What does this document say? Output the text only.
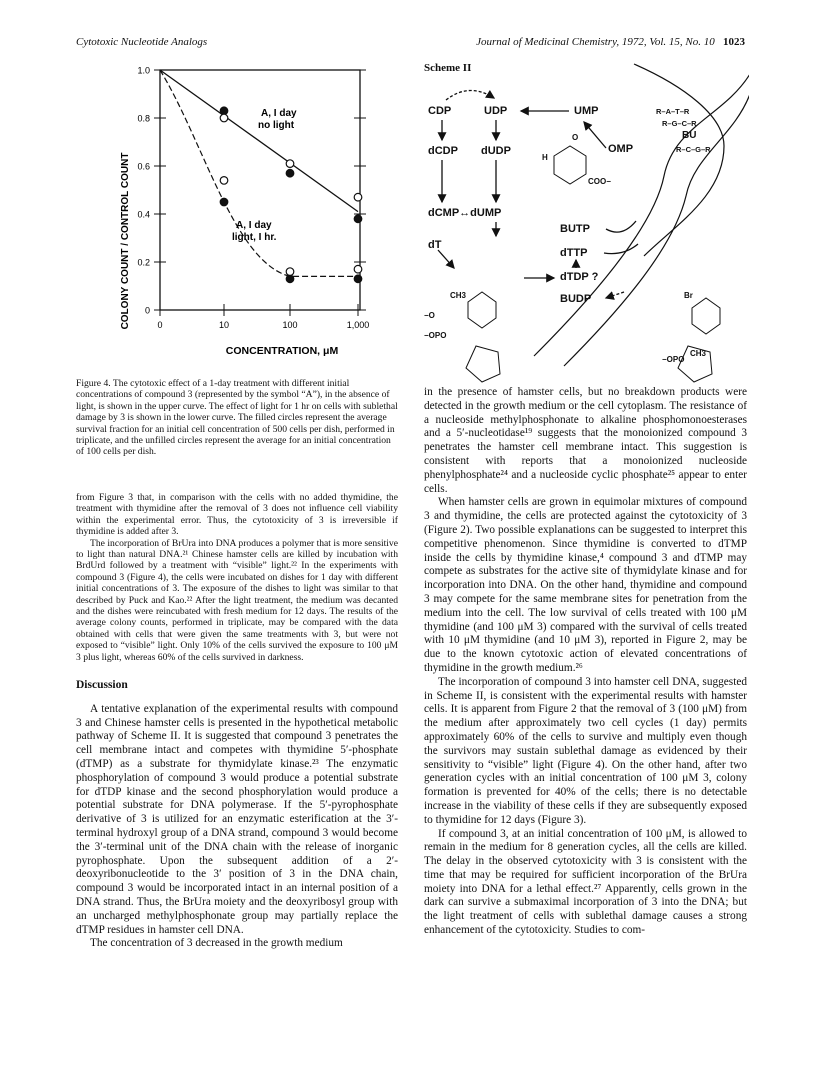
Cytotoxic Nucleotide Analogs	Journal of Medicinal Chemistry, 1972, Vol. 15, No. 10 1023
0
0.2
0.4
0.6
0.8
1.0
0	10	100	1,000
A, I day no light
A, I day light, I hr.
CONCENTRATION, μM
COLONY COUNT / CONTROL COUNT
Figure 4. The cytotoxic effect of a 1-day treatment with different initial concentrations of compound 3 (represented by the symbol “A”), in the absence of light, is shown in the upper curve. The effect of light for 1 hr on cells with sublethal damage by 3 is shown in the lower curve. The filled circles represent the average survival fraction for an initial cell concentration of 500 cells per dish, performed in triplicate, and the unfilled circles represent the average for an initial concentration of 100 cells per dish.
Scheme II
CDP	UDP	UMP
dCDP dUDP	OMP
dCMP↔dUMP
BUTP
dTTP
dTDP ?
BUDP
dT
O
H
COO−
CH3	Br
CH3
−O
−OPO
−OPO
R–A–T–R
R–G–C–R
BU
R–C–G–R

from Figure 3 that, in comparison with the cells with no added thymidine, the treatment with thymidine after the removal of 3 does not influence cell viability within the experimental error. Thus, the cytotoxicity of 3 is irreversible if thymidine is added after 3.

The incorporation of BrUra into DNA produces a polymer that is more sensitive to light than natural DNA.²¹ Chinese hamster cells are killed by incubation with BrdUrd followed by a treatment with “visible” light.²² In the experiments with compound 3 (Figure 4), the cells were incubated on dishes for 1 day with different initial concentrations of 3. The exposure of the dishes to light was similar to that described by Puck and Kao.²² After the light treatment, the medium was decanted and the dishes were reincubated with fresh medium for 12 days. The results of the average colony counts, performed in triplicate, may be compared with the data obtained with cells that were given the same treatments with 3, but were not exposed to “visible” light. Only 10% of the cells survived the exposure to 100 μM 3 plus light, whereas 60% of the cells survived in darkness.

Discussion

A tentative explanation of the experimental results with compound 3 and Chinese hamster cells is presented in the hypothetical metabolic pathway of Scheme II. It is suggested that compound 3 penetrates the cell membrane intact and competes with thymidine 5′-phosphate (dTMP) as a substrate for thymidylate kinase.²³ The enzymatic phosphorylation of compound 3 would produce a potential substrate for dTDP kinase and the second phosphorylation would produce a potential substrate for DNA polymerase. If the 5′-pyrophosphate derivative of 3 is utilized for an enzymatic esterification at the 3′-terminal hydroxyl group of a DNA strand, compound 3 would become the 3′-terminal unit of the DNA chain with the release of inorganic pyrophosphate. Upon the subsequent addition of a 2′-deoxyribonucleotide to the 3′ position of 3 in the DNA chain, compound 3 would be incorporated intact in an internal position of a DNA strand. Thus, the BrUra moiety and the deoxyribosyl group with an uncharged methylphosphonate group may partially replace the dTMP residues in hamster cell DNA.

The concentration of 3 decreased in the growth medium

in the presence of hamster cells, but no breakdown products were detected in the growth medium or the cell cytoplasm. The resistance of a nucleoside methylphosphonate to alkaline phosphomonoesterases and a 5′-nucleotidase¹⁹ suggests that the monoionized compound 3 penetrates the hamster cell membrane intact. This suggestion is consistent with reports that a monoionized nucleoside phenylphosphate²⁴ and a nucleoside cyclic phosphate²⁵ appear to enter cells.

When hamster cells are grown in equimolar mixtures of compound 3 and thymidine, the cells are protected against the cytotoxicity of 3 (Figure 2). Two possible explanations can be suggested to interpret this competitive phenomenon. Since thymidine is converted to dTMP inside the cells by thymidine kinase,⁴ compound 3 and dTMP may compete as substrates for the active site of thymidylate kinase and for incorporation into DNA. On the other hand, thymidine and compound 3 may compete for the same membrane sites for penetration from the medium into the cell. The low survival of cells treated with 100 μM thymidine (and 100 μM 3) compared with the survival of cells treated with 10 μM thymidine (and 10 μM 3), reported in Figure 2, may be due to the known cytotoxic action of elevated concentrations of thymidine in the growth medium.²⁶

The incorporation of compound 3 into hamster cell DNA, suggested in Scheme II, is consistent with the experimental results with hamster cells. It is apparent from Figure 2 that the removal of 3 (100 μM) from the medium after approximately two cell cycles (1 day) permits approximately 60% of the cells to survive and multiply even though the survivors may sustain sublethal damage as evidenced by their sensitivity to “visible” light (Figure 4). On the other hand, after two generation cycles with an initial concentration of 100 μM 3, colony formation is prevented for 40% of the cells; there is no detectable increase in the viability of these cells if they are subsequently exposed to thymidine for 12 days (Figure 3).

If compound 3, at an initial concentration of 100 μM, is allowed to remain in the medium for 8 generation cycles, all the cells are killed. The delay in the observed cytotoxicity with 3 is consistent with the time that may be required for sufficient incorporation of the BrUra moiety into DNA for a lethal effect.²⁷ Apparently, cells grown in the dark can survive a submaximal incorporation of 3 into the DNA; but the light treatment of cells with sublethal damage causes a strong enhancement of the cytotoxicity. Studies to com-
